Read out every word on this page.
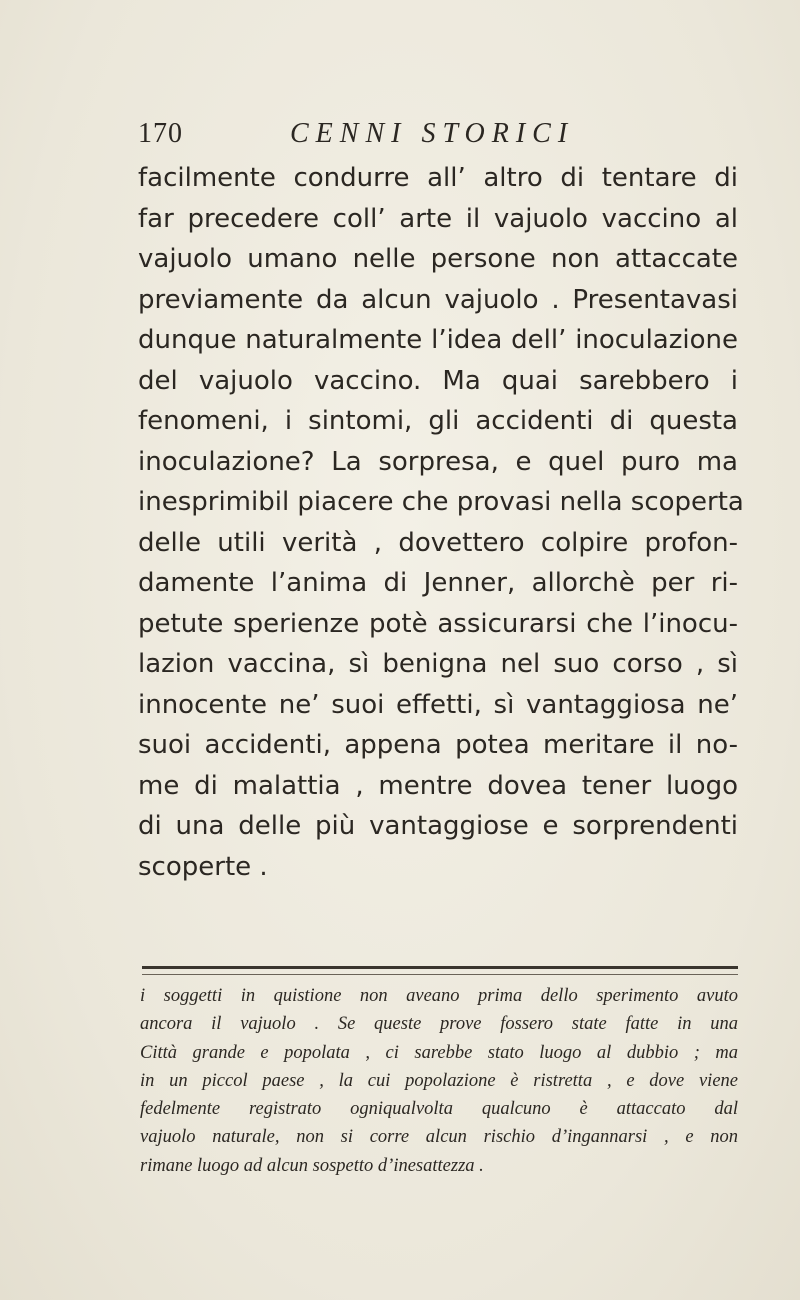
170	CENNI STORICI
facilmente condurre all’ altro di tentare di
far precedere coll’ arte il vajuolo vaccino al
vajuolo umano nelle persone non attaccate
previamente da alcun vajuolo . Presentavasi
dunque naturalmente l’idea dell’ inoculazione
del vajuolo vaccino. Ma quai sarebbero i
fenomeni, i sintomi, gli accidenti di questa
inoculazione? La sorpresa, e quel puro ma
inesprimibil piacere che provasi nella scoperta
delle utili verità , dovettero colpire profon-
damente l’anima di Jenner, allorchè per ri-
petute sperienze potè assicurarsi che l’inocu-
lazion vaccina, sì benigna nel suo corso , sì
innocente ne’ suoi effetti, sì vantaggiosa ne’
suoi accidenti, appena potea meritare il no-
me di malattia , mentre dovea tener luogo
di una delle più vantaggiose e sorprendenti
scoperte .
i soggetti in quistione non aveano prima dello sperimento avuto
ancora il vajuolo . Se queste prove fossero state fatte in una
Città grande e popolata , ci sarebbe stato luogo al dubbio ; ma
in un piccol paese , la cui popolazione è ristretta , e dove viene
fedelmente registrato ogniqualvolta qualcuno è attaccato dal
vajuolo naturale, non si corre alcun rischio d’ingannarsi , e non
rimane luogo ad alcun sospetto d’inesattezza .
